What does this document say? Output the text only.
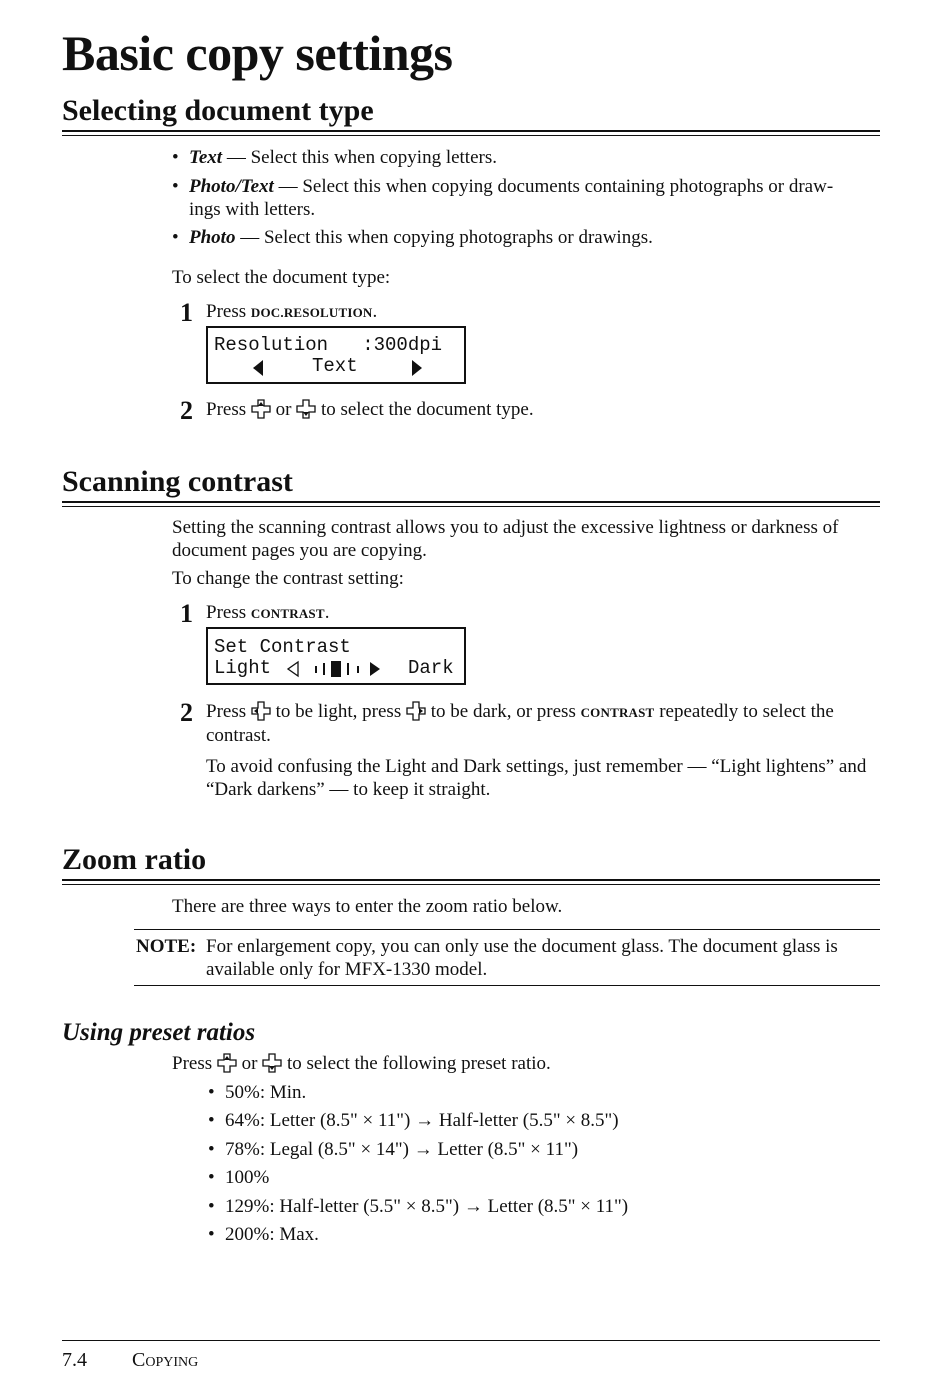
Basic copy settings
Selecting document type
• Text — Select this when copying letters.
• Photo/Text — Select this when copying documents containing photographs or draw-
ings with letters.
• Photo — Select this when copying photographs or drawings.
To select the document type:
1 Press DOC.RESOLUTION.
Resolution   :300dpi
Text
2 Press  or  to select the document type.
Scanning contrast
Setting the scanning contrast allows you to adjust the excessive lightness or darkness of
document pages you are copying.
To change the contrast setting:
1 Press CONTRAST.
Set Contrast
Light	Dark
2 Press  to be light, press  to be dark, or press CONTRAST repeatedly to select the
contrast.
To avoid confusing the Light and Dark settings, just remember — “Light lightens” and
“Dark darkens” — to keep it straight.
Zoom ratio
There are three ways to enter the zoom ratio below.
NOTE: For enlargement copy, you can only use the document glass. The document glass is
available only for MFX-1330 model.
Using preset ratios
Press  or  to select the following preset ratio.
• 50%: Min.
• 64%: Letter (8.5" × 11") → Half-letter (5.5" × 8.5")
• 78%: Legal (8.5" × 14") → Letter (8.5" × 11")
• 100%
• 129%: Half-letter (5.5" × 8.5") → Letter (8.5" × 11")
• 200%: Max.
7.4 Copying
